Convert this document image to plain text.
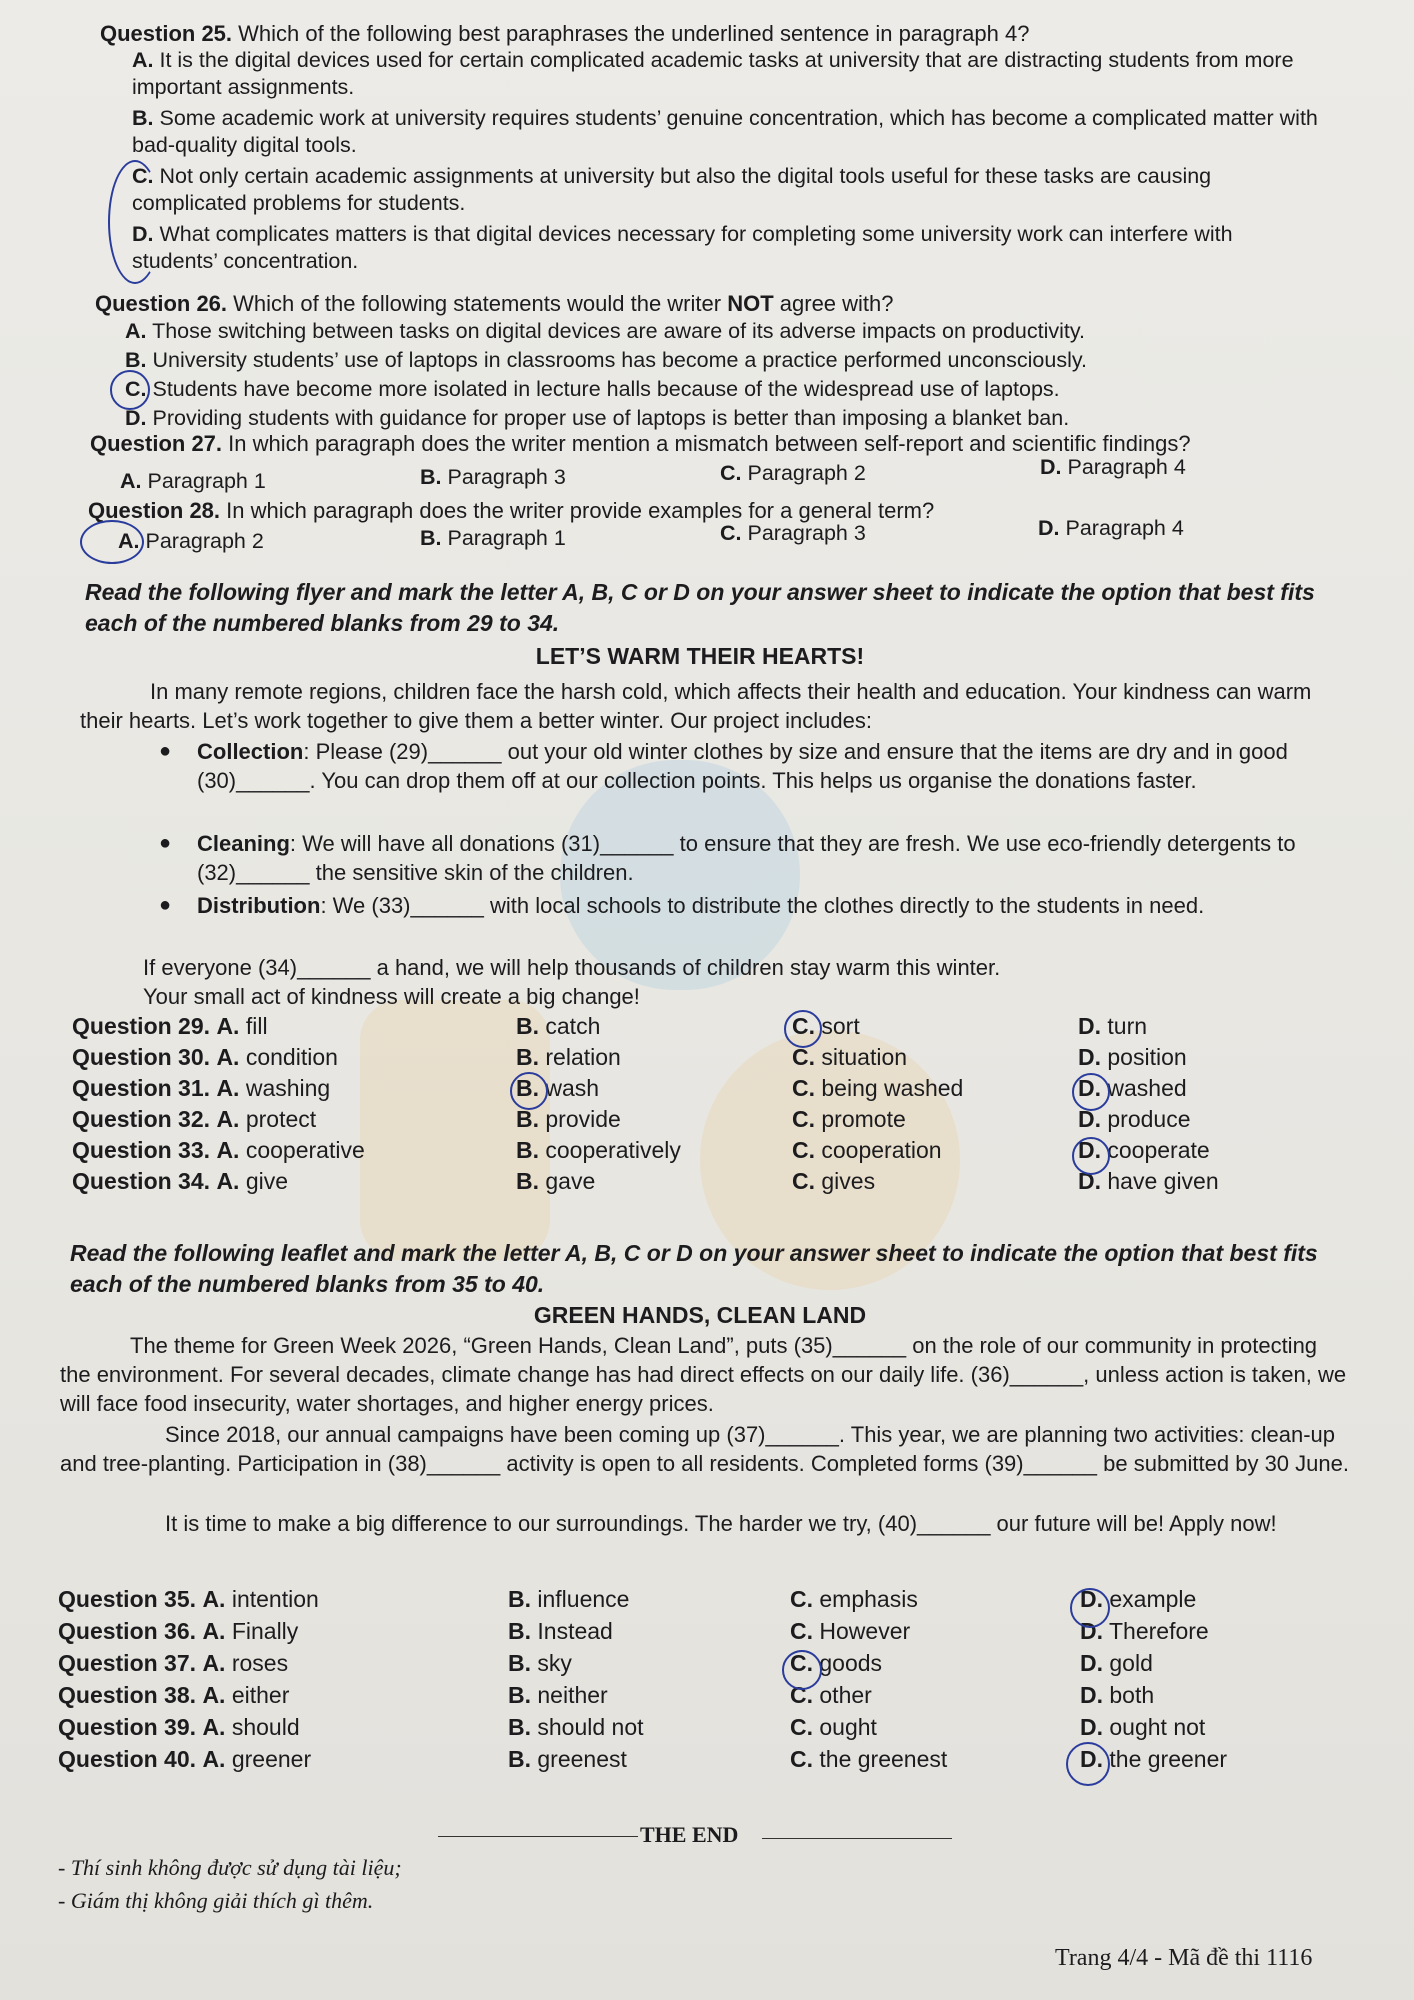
Question 25. Which of the following best paraphrases the underlined sentence in paragraph 4?
A. It is the digital devices used for certain complicated academic tasks at university that are distracting students from more important assignments.
B. Some academic work at university requires students’ genuine concentration, which has become a complicated matter with bad-quality digital tools.
C. Not only certain academic assignments at university but also the digital tools useful for these tasks are causing complicated problems for students.
D. What complicates matters is that digital devices necessary for completing some university work can interfere with students’ concentration.
Question 26. Which of the following statements would the writer NOT agree with?
A. Those switching between tasks on digital devices are aware of its adverse impacts on productivity.
B. University students’ use of laptops in classrooms has become a practice performed unconsciously.
C. Students have become more isolated in lecture halls because of the widespread use of laptops.
D. Providing students with guidance for proper use of laptops is better than imposing a blanket ban.
Question 27. In which paragraph does the writer mention a mismatch between self-report and scientific findings?
A. Paragraph 1	B. Paragraph 3	C. Paragraph 2	D. Paragraph 4
Question 28. In which paragraph does the writer provide examples for a general term?
A. Paragraph 2	B. Paragraph 1	C. Paragraph 3	D. Paragraph 4
Read the following flyer and mark the letter A, B, C or D on your answer sheet to indicate the option that best fits each of the numbered blanks from 29 to 34.
LET’S WARM THEIR HEARTS!
In many remote regions, children face the harsh cold, which affects their health and education. Your kindness can warm their hearts. Let’s work together to give them a better winter. Our project includes:
● Collection: Please (29)______ out your old winter clothes by size and ensure that the items are dry and in good (30)______. You can drop them off at our collection points. This helps us organise the donations faster.
● Cleaning: We will have all donations (31)______ to ensure that they are fresh. We use eco-friendly detergents to (32)______ the sensitive skin of the children.
● Distribution: We (33)______ with local schools to distribute the clothes directly to the students in need.
If everyone (34)______ a hand, we will help thousands of children stay warm this winter.
Your small act of kindness will create a big change!
Question 29. A. fill	B. catch	C. sort	D. turn
Question 30. A. condition	B. relation	C. situation	D. position
Question 31. A. washing	B. wash	C. being washed	D. washed
Question 32. A. protect	B. provide	C. promote	D. produce
Question 33. A. cooperative	B. cooperatively	C. cooperation	D. cooperate
Question 34. A. give	B. gave	C. gives	D. have given
Read the following leaflet and mark the letter A, B, C or D on your answer sheet to indicate the option that best fits each of the numbered blanks from 35 to 40.
GREEN HANDS, CLEAN LAND
The theme for Green Week 2026, “Green Hands, Clean Land”, puts (35)______ on the role of our community in protecting the environment. For several decades, climate change has had direct effects on our daily life. (36)______, unless action is taken, we will face food insecurity, water shortages, and higher energy prices.
Since 2018, our annual campaigns have been coming up (37)______. This year, we are planning two activities: clean-up and tree-planting. Participation in (38)______ activity is open to all residents. Completed forms (39)______ be submitted by 30 June.
It is time to make a big difference to our surroundings. The harder we try, (40)______ our future will be! Apply now!
Question 35. A. intention	B. influence	C. emphasis	D. example
Question 36. A. Finally	B. Instead	C. However	D. Therefore
Question 37. A. roses	B. sky	C. goods	D. gold
Question 38. A. either	B. neither	C. other	D. both
Question 39. A. should	B. should not	C. ought	D. ought not
Question 40. A. greener	B. greenest	C. the greenest	D. the greener
THE END
- Thí sinh không được sử dụng tài liệu;
- Giám thị không giải thích gì thêm.
Trang 4/4 - Mã đề thi 1116
